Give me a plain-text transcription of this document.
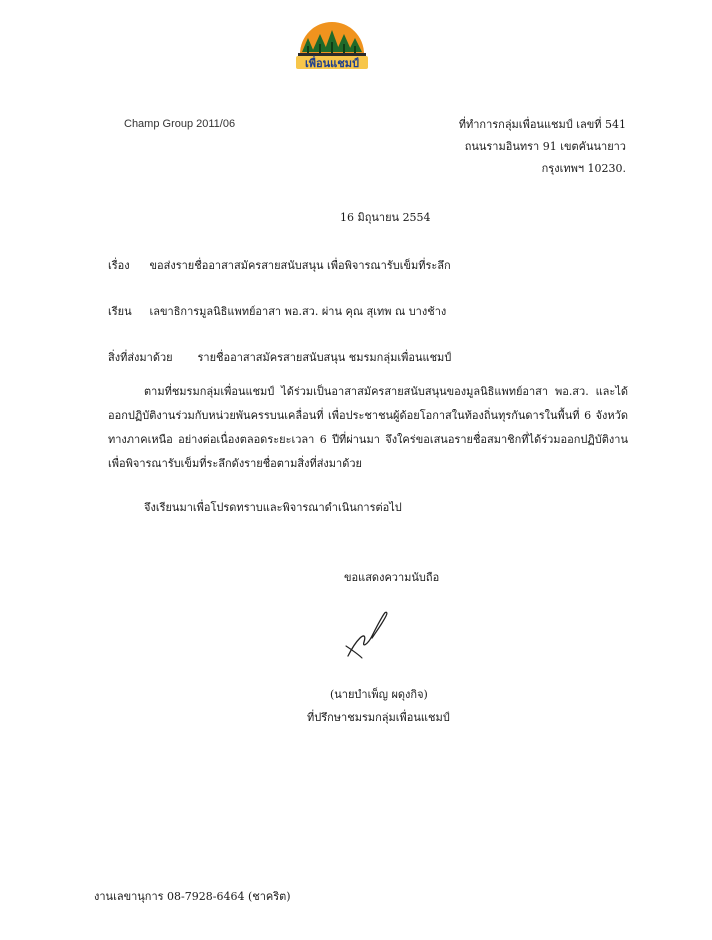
เพื่อนแชมป์
Champ Group 2011/06	ที่ทำการกลุ่มเพื่อนแชมป์ เลขที่ 541
ถนนรามอินทรา 91 เขตคันนายาว
กรุงเทพฯ 10230.
16 มิถุนายน 2554
เรื่อง ขอส่งรายชื่ออาสาสมัครสายสนับสนุน เพื่อพิจารณารับเข็มที่ระลึก
เรียน เลขาธิการมูลนิธิแพทย์อาสา พอ.สว. ผ่าน คุณ สุเทพ ณ บางช้าง
สิ่งที่ส่งมาด้วย รายชื่ออาสาสมัครสายสนับสนุน ชมรมกลุ่มเพื่อนแชมป์
ตามที่ชมรมกลุ่มเพื่อนแชมป์ ได้ร่วมเป็นอาสาสมัครสายสนับสนุนของมูลนิธิแพทย์อาสา พอ.สว. และได้ออกปฏิบัติงานร่วมกับหน่วยพันครรบนเคลื่อนที่ เพื่อประชาชนผู้ด้อยโอกาสในท้องถิ่นทุรกันดารในพื้นที่ 6 จังหวัดทางภาคเหนือ อย่างต่อเนื่องตลอดระยะเวลา 6 ปีที่ผ่านมา จึงใคร่ขอเสนอรายชื่อสมาชิกที่ได้ร่วมออกปฏิบัติงานเพื่อพิจารณารับเข็มที่ระลึกดังรายชื่อตามสิ่งที่ส่งมาด้วย
จึงเรียนมาเพื่อโปรดทราบและพิจารณาดำเนินการต่อไป
ขอแสดงความนับถือ
(นายบำเพ็ญ ผดุงกิจ)
ที่ปรึกษาชมรมกลุ่มเพื่อนแชมป์
งานเลขานุการ 08-7928-6464 (ชาคริต)
